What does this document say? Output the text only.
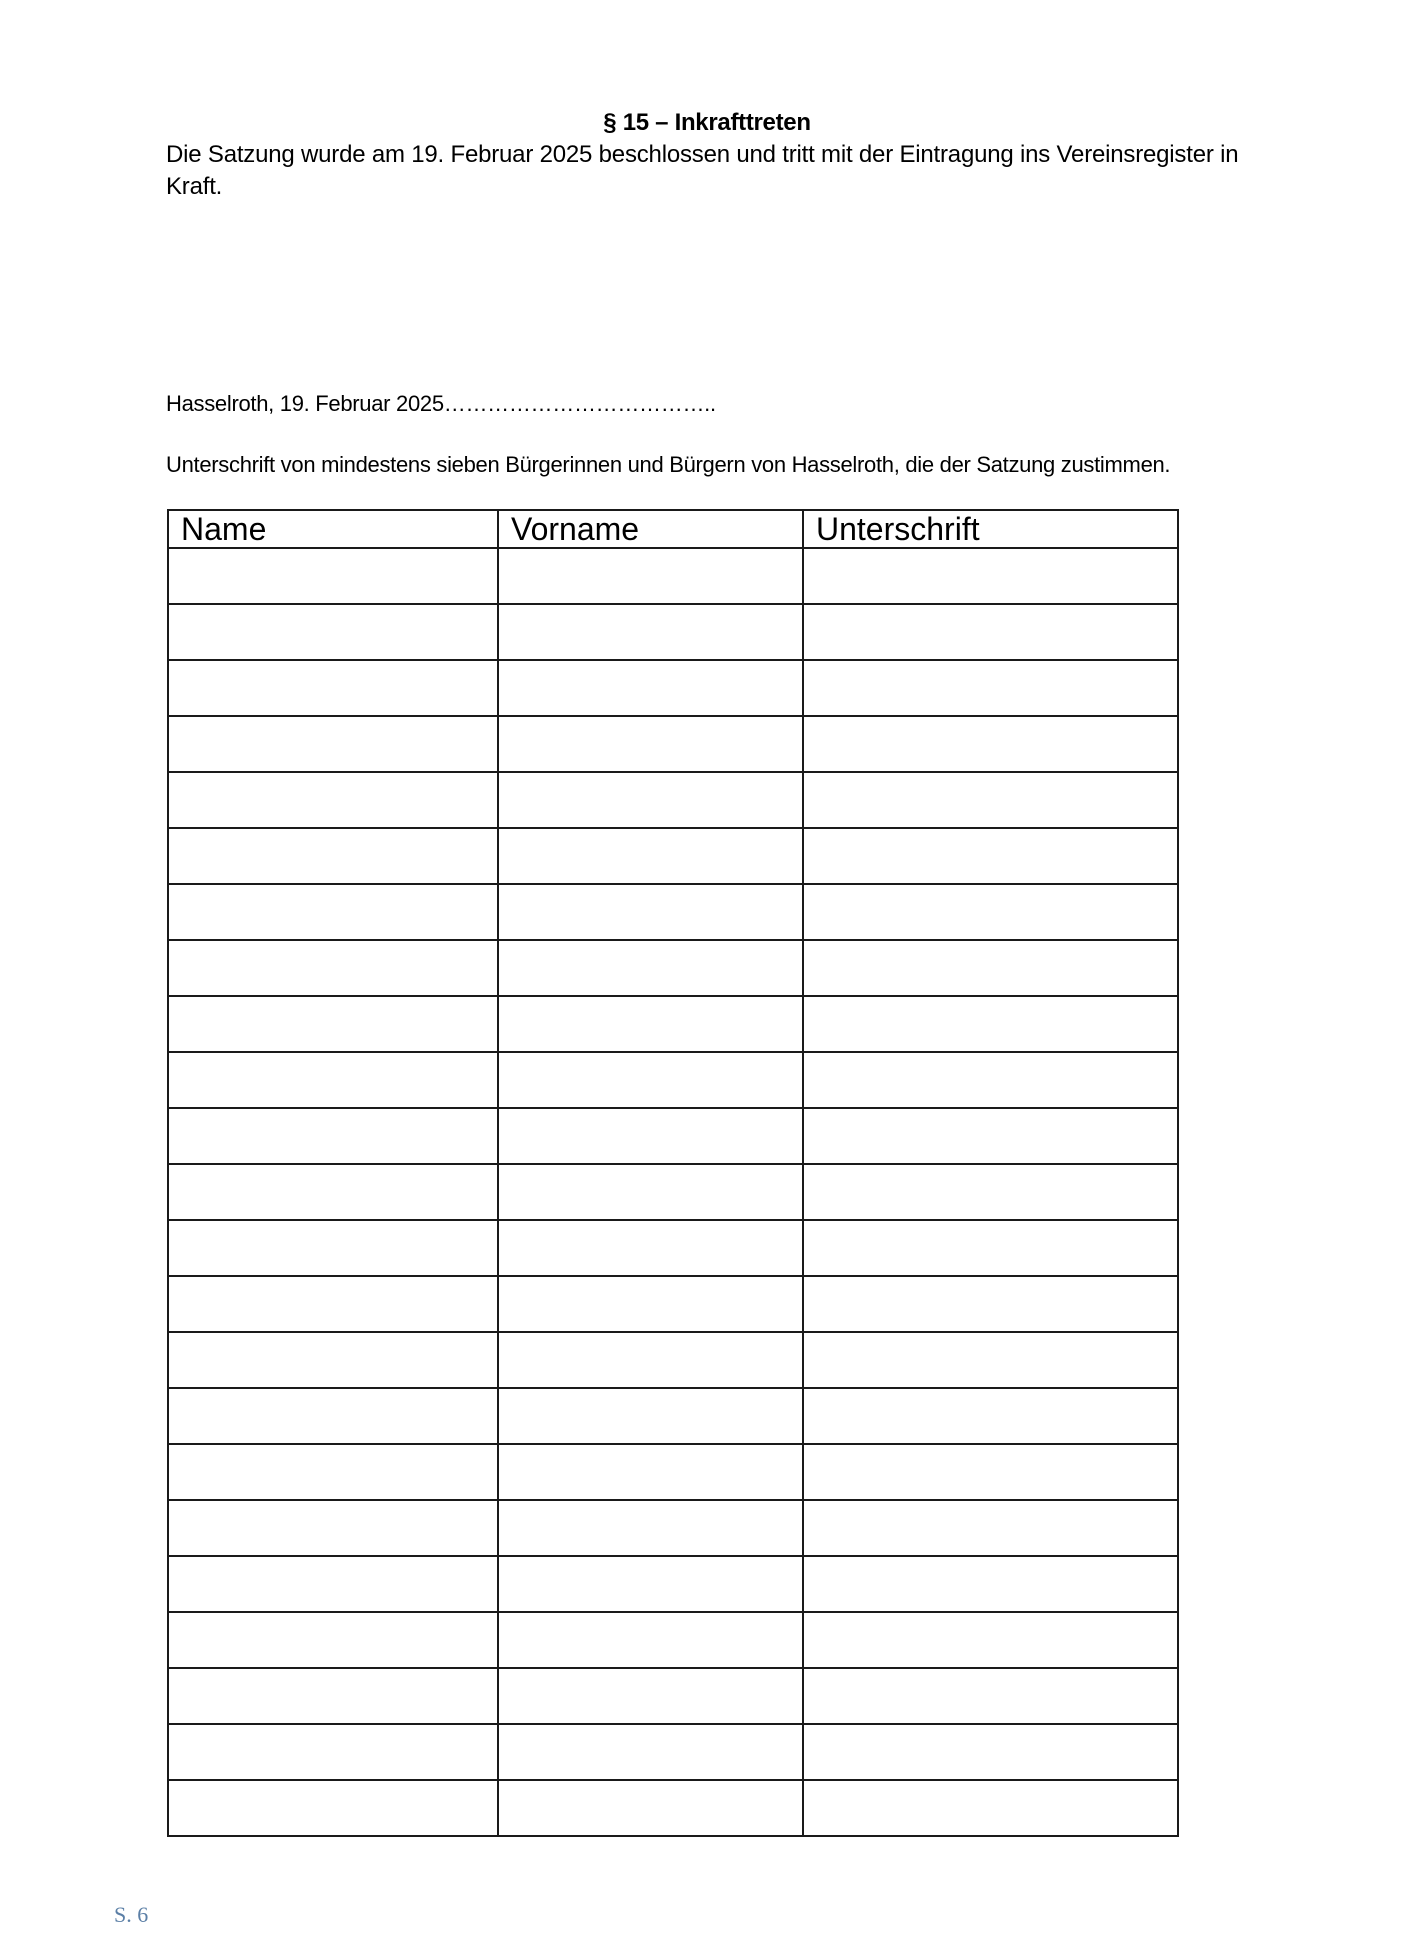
§ 15 – Inkrafttreten
Die Satzung wurde am 19. Februar 2025 beschlossen und tritt mit der Eintragung ins Vereinsregister in Kraft.
Hasselroth, 19. Februar 2025………………………………..
Unterschrift von mindestens sieben Bürgerinnen und Bürgern von Hasselroth, die der Satzung zustimmen.
Name	Vorname	Unterschrift

S. 6
